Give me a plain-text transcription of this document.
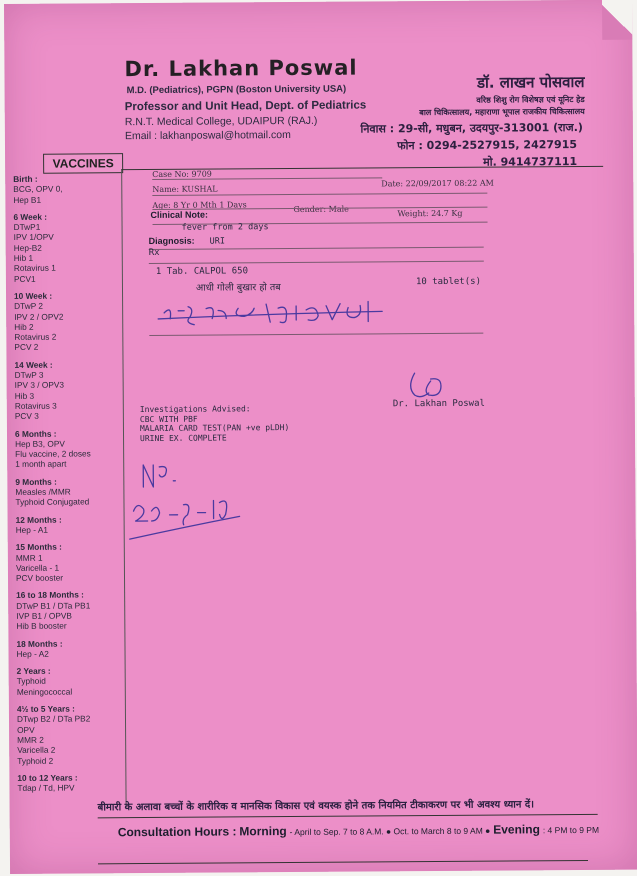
Dr. Lakhan Poswal
M.D. (Pediatrics), PGPN (Boston University USA)
Professor and Unit Head, Dept. of Pediatrics
R.N.T. Medical College, UDAIPUR (RAJ.)
Email : lakhanposwal@hotmail.com
डॉ. लाखन पोसवाल
वरिष्ठ शिशु रोग विशेषज्ञ एवं यूनिट हेड
बाल चिकित्सालय, महाराणा भूपाल राजकीय चिकित्सालय
निवास : 29-सी, मधुबन, उदयपुर-313001 (राज.)
फोन : 0294-2527915, 2427915
मो. 9414737111
VACCINES
Birth :
BCG, OPV 0,
Hep B1
6 Week :
DTwP1
IPV 1/OPV
Hep-B2
Hib 1
Rotavirus 1
PCV1
10 Week :
DTwP 2
IPV 2 / OPV2
Hib 2
Rotavirus 2
PCV 2
14 Week :
DTwP 3
IPV 3 / OPV3
Hib 3
Rotavirus 3
PCV 3
6 Months :
Hep B3, OPV
Flu vaccine, 2 doses
1 month apart
9 Months :
Measles /MMR
Typhoid Conjugated
12 Months :
Hep - A1
15 Months :
MMR 1
Varicella - 1
PCV booster
16 to 18 Months :
DTwP B1 / DTa PB1
IVP B1 / OPVB
Hib B booster
18 Months :
Hep - A2
2 Years :
Typhoid
Meningococcal
4½ to 5 Years :
DTwp B2 / DTa PB2
OPV
MMR 2
Varicella 2
Typhoid 2
10 to 12 Years :
Tdap / Td, HPV
Case No: 9709
Name: KUSHAL
Date: 22/09/2017 08:22 AM
Age: 8 Yr 0 Mth 1 Days	Gender: Male	Weight: 24.7 Kg
Clinical Note:
fever from 2 days
Diagnosis: URI
Rx
1 Tab. CALPOL 650
10 tablet(s)
आधी गोली बुखार हो तब
Dr. Lakhan Poswal
Investigations Advised:
CBC WITH PBF
MALARIA CARD TEST(PAN +ve pLDH)
URINE EX. COMPLETE
बीमारी के अलावा बच्चों के शारीरिक व मानसिक विकास एवं वयस्क होने तक नियमित टीकाकरण पर भी अवश्य ध्यान दें।
Consultation Hours : Morning - April to Sep. 7 to 8 A.M. ● Oct. to March 8 to 9 AM ● Evening : 4 PM to 9 PM
